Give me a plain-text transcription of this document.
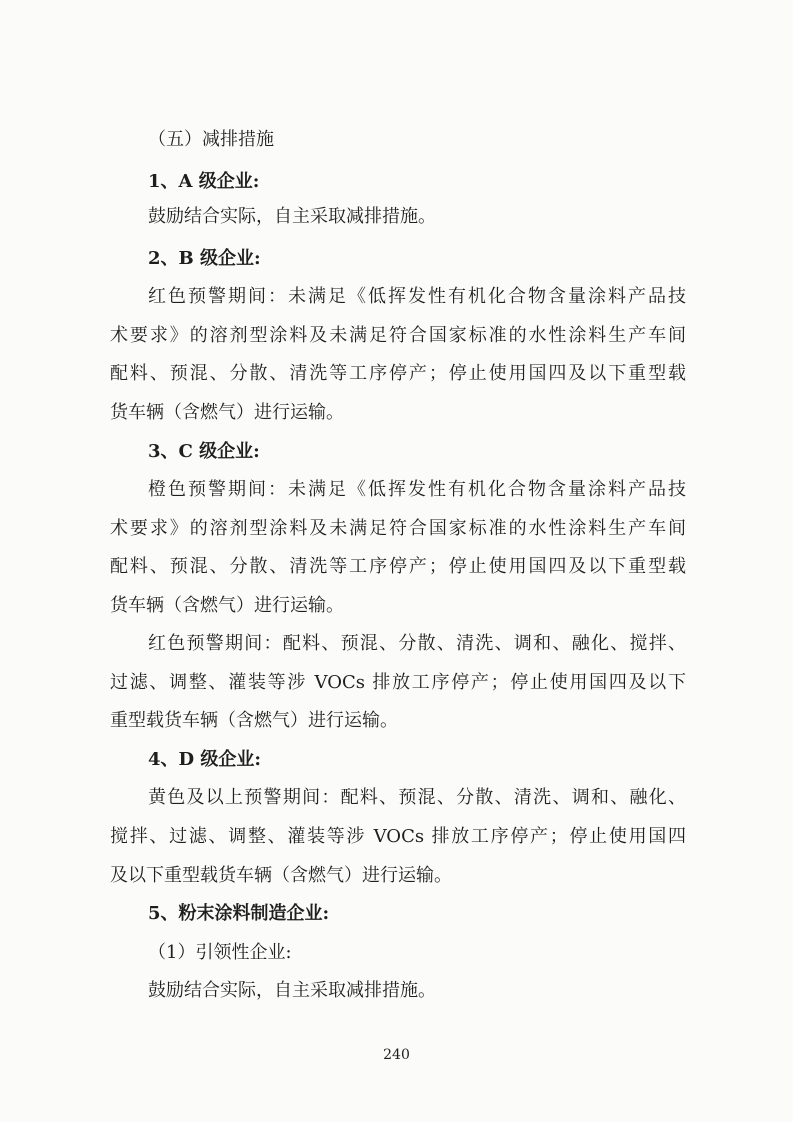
（五）减排措施
1、A 级企业:
鼓励结合实际，自主采取减排措施。
2、B 级企业:
红色预警期间：未满足《低挥发性有机化合物含量涂料产品技
术要求》的溶剂型涂料及未满足符合国家标准的水性涂料生产车间
配料、预混、分散、清洗等工序停产；停止使用国四及以下重型载
货车辆（含燃气）进行运输。
3、C 级企业:
橙色预警期间：未满足《低挥发性有机化合物含量涂料产品技
术要求》的溶剂型涂料及未满足符合国家标准的水性涂料生产车间
配料、预混、分散、清洗等工序停产；停止使用国四及以下重型载
货车辆（含燃气）进行运输。
红色预警期间：配料、预混、分散、清洗、调和、融化、搅拌、
过滤、调整、灌装等涉 VOCs 排放工序停产；停止使用国四及以下
重型载货车辆（含燃气）进行运输。
4、D 级企业:
黄色及以上预警期间：配料、预混、分散、清洗、调和、融化、
搅拌、过滤、调整、灌装等涉 VOCs 排放工序停产；停止使用国四
及以下重型载货车辆（含燃气）进行运输。
5、粉末涂料制造企业:
（1）引领性企业:
鼓励结合实际，自主采取减排措施。
240
